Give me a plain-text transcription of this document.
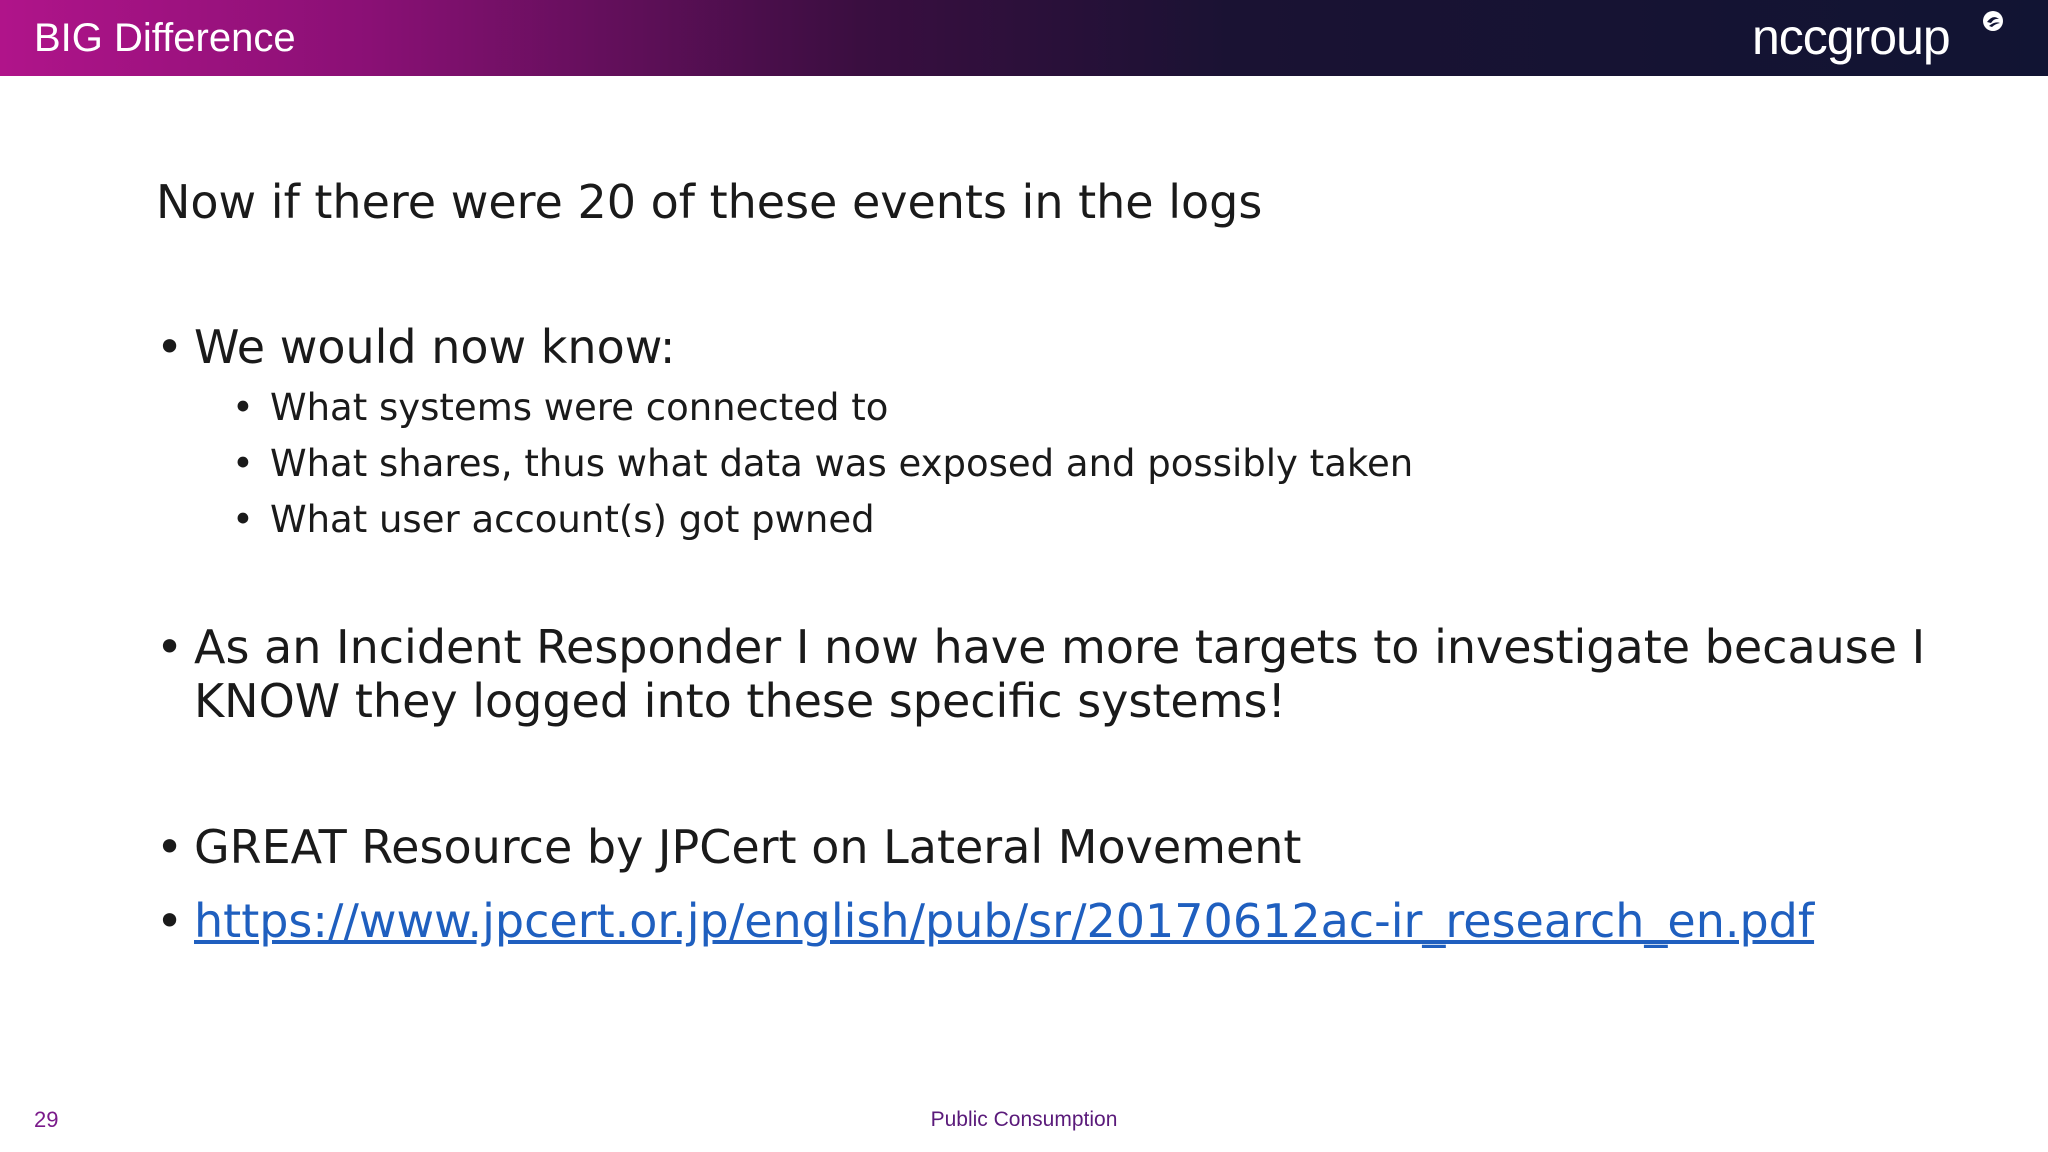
BIG Difference	nccgroup
Now if there were 20 of these events in the logs
• We would now know:
• What systems were connected to
• What shares, thus what data was exposed and possibly taken
• What user account(s) got pwned
• As an Incident Responder I now have more targets to investigate because I KNOW they logged into these specific systems!
• GREAT Resource by JPCert on Lateral Movement
• https://www.jpcert.or.jp/english/pub/sr/20170612ac-ir_research_en.pdf
29	Public Consumption
